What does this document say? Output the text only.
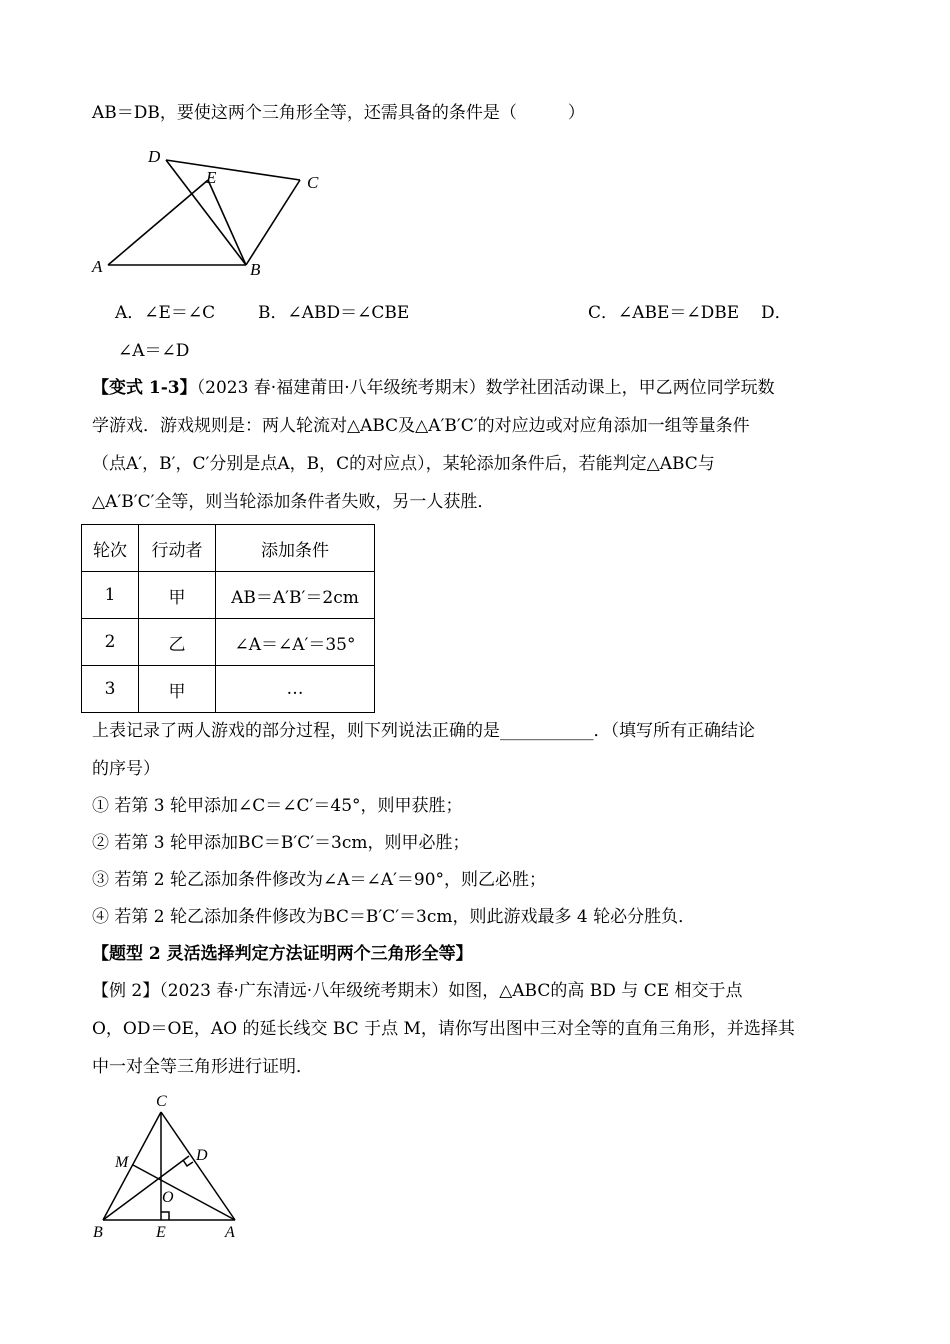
AB＝DB，要使这两个三角形全等，还需具备的条件是（　　　）
D
E	C
A	B
A．∠E＝∠C	B．∠ABD＝∠CBE	C．∠ABE＝∠DBE D．
∠A＝∠D
【变式 1-3】（2023 春·福建莆田·八年级统考期末）数学社团活动课上，甲乙两位同学玩数
学游戏．游戏规则是：两人轮流对△ABC及△A′B′C′的对应边或对应角添加一组等量条件
（点A′，B′，C′分别是点A，B，C的对应点），某轮添加条件后，若能判定△ABC与
△A′B′C′全等，则当轮添加条件者失败，另一人获胜．
轮次	行动者	添加条件
1	甲	AB＝A′B′＝2cm
2	乙	∠A＝∠A′＝35°
3	甲	…
上表记录了两人游戏的部分过程，则下列说法正确的是___________．（填写所有正确结论
的序号）
① 若第 3 轮甲添加∠C＝∠C′＝45°，则甲获胜；
② 若第 3 轮甲添加BC＝B′C′＝3cm，则甲必胜；
③ 若第 2 轮乙添加条件修改为∠A＝∠A′＝90°，则乙必胜；
④ 若第 2 轮乙添加条件修改为BC＝B′C′＝3cm，则此游戏最多 4 轮必分胜负．
【题型 2 灵活选择判定方法证明两个三角形全等】
【例 2】（2023 春·广东清远·八年级统考期末）如图，△ABC的高 BD 与 CE 相交于点
O，OD＝OE，AO 的延长线交 BC 于点 M，请你写出图中三对全等的直角三角形，并选择其
中一对全等三角形进行证明．
C
M	D
O
B	E	A
